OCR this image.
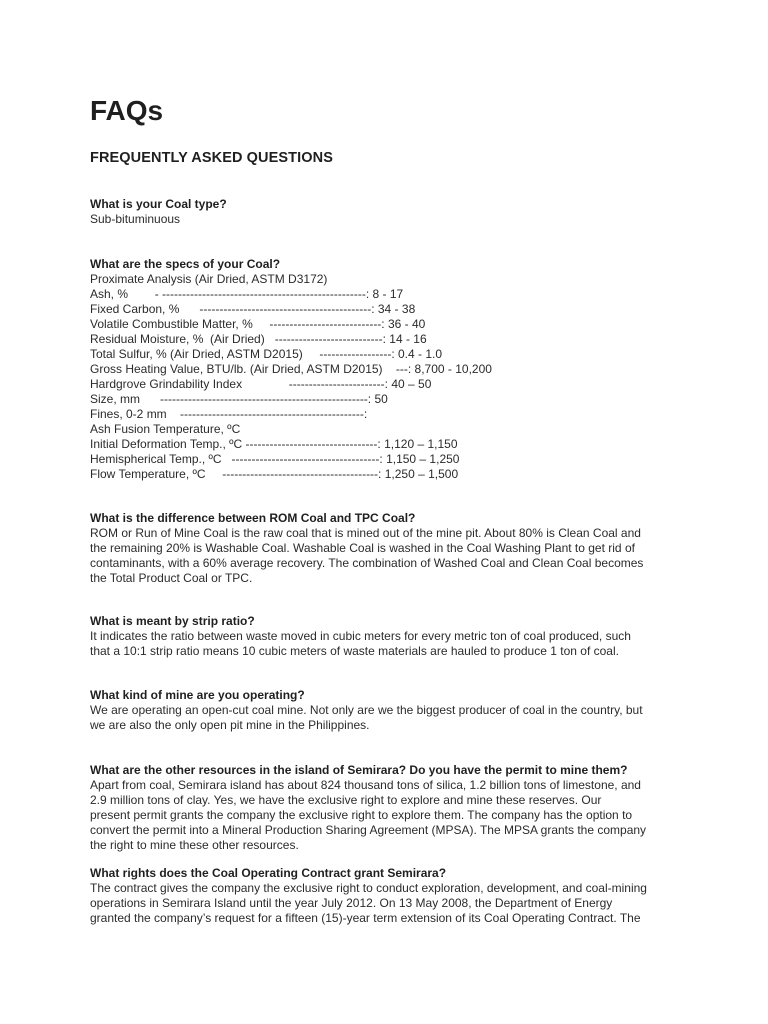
FAQs
FREQUENTLY ASKED QUESTIONS
What is your Coal type?

Sub-bituminuous

What are the specs of your Coal?
Proximate Analysis (Air Dried, ASTM D3172)
Ash, %        - ---------------------------------------------------: 8 - 17
Fixed Carbon, %      -------------------------------------------: 34 - 38
Volatile Combustible Matter, %     ----------------------------: 36 - 40
Residual Moisture, %  (Air Dried)   ---------------------------: 14 - 16
Total Sulfur, % (Air Dried, ASTM D2015)     ------------------: 0.4 - 1.0
Gross Heating Value, BTU/lb. (Air Dried, ASTM D2015)    ---: 8,700 - 10,200
Hardgrove Grindability Index              ------------------------: 40 – 50
Size, mm      ----------------------------------------------------: 50
Fines, 0-2 mm    ----------------------------------------------:
Ash Fusion Temperature, ºC
Initial Deformation Temp., ºC ---------------------------------: 1,120 – 1,150
Hemispherical Temp., ºC   -------------------------------------: 1,150 – 1,250
Flow Temperature, ºC     ---------------------------------------: 1,250 – 1,500
What is the difference between ROM Coal and TPC Coal?

ROM or Run of Mine Coal is the raw coal that is mined out of the mine pit. About 80% is Clean Coal and
the remaining 20% is Washable Coal. Washable Coal is washed in the Coal Washing Plant to get rid of
contaminants, with a 60% average recovery. The combination of Washed Coal and Clean Coal becomes
the Total Product Coal or TPC.

What is meant by strip ratio?

It indicates the ratio between waste moved in cubic meters for every metric ton of coal produced, such
that a 10:1 strip ratio means 10 cubic meters of waste materials are hauled to produce 1 ton of coal.

What kind of mine are you operating?

We are operating an open-cut coal mine. Not only are we the biggest producer of coal in the country, but
we are also the only open pit mine in the Philippines.

What are the other resources in the island of Semirara? Do you have the permit to mine them?

Apart from coal, Semirara island has about 824 thousand tons of silica, 1.2 billion tons of limestone, and
2.9 million tons of clay. Yes, we have the exclusive right to explore and mine these reserves. Our
present permit grants the company the exclusive right to explore them. The company has the option to
convert the permit into a Mineral Production Sharing Agreement (MPSA). The MPSA grants the company
the right to mine these other resources.

What rights does the Coal Operating Contract grant Semirara?

The contract gives the company the exclusive right to conduct exploration, development, and coal-mining
operations in Semirara Island until the year July 2012. On 13 May 2008, the Department of Energy
granted the company’s request for a fifteen (15)-year term extension of its Coal Operating Contract. The
